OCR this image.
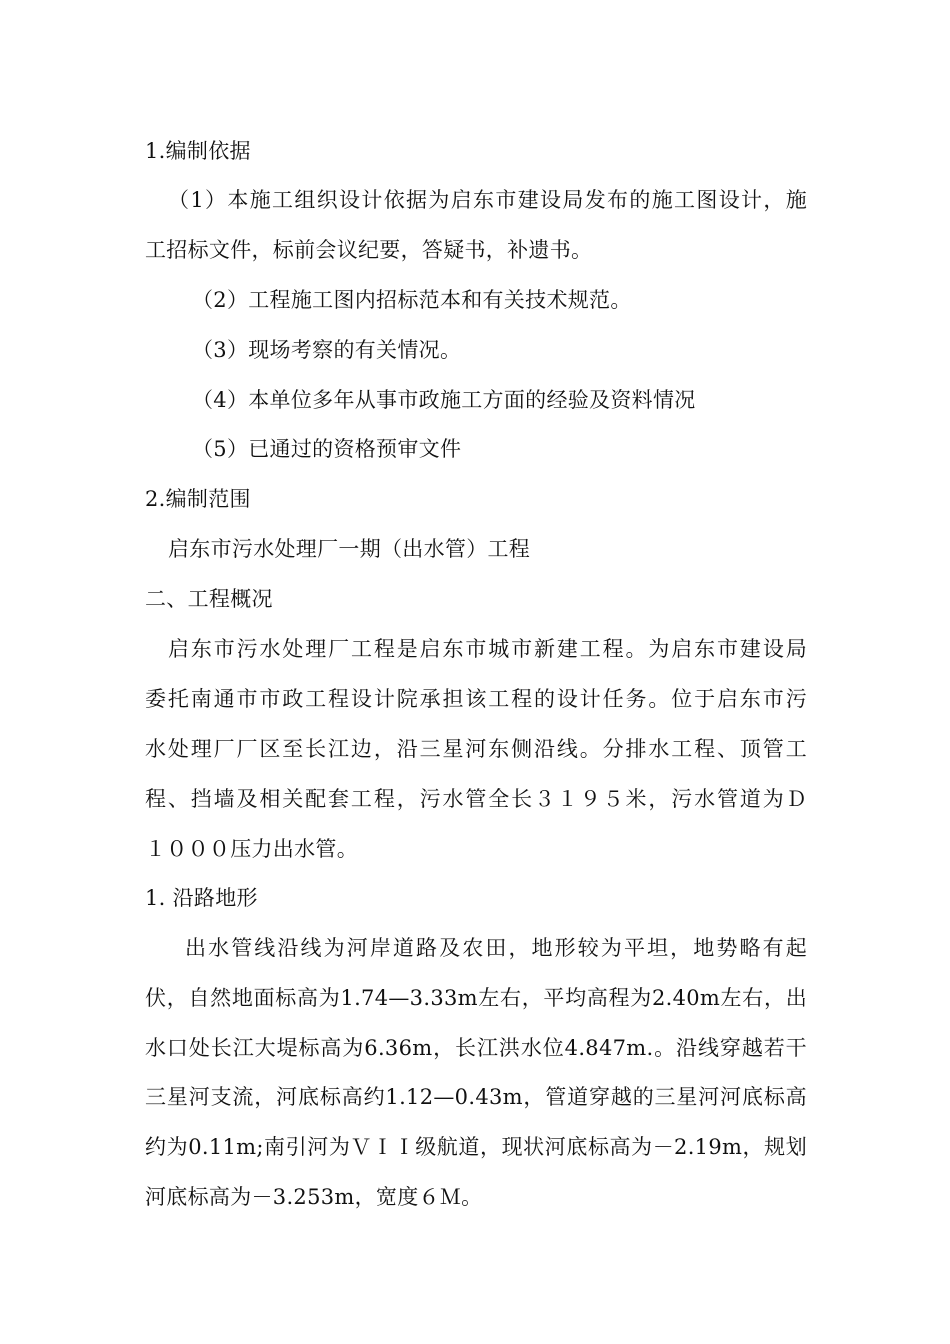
1.编制依据
（1）本施工组织设计依据为启东市建设局发布的施工图设计，施
工招标文件，标前会议纪要，答疑书，补遗书。
（2）工程施工图内招标范本和有关技术规范。
（3）现场考察的有关情况。
（4）本单位多年从事市政施工方面的经验及资料情况
（5）已通过的资格预审文件
2.编制范围
启东市污水处理厂一期（出水管）工程
二、工程概况
启东市污水处理厂工程是启东市城市新建工程。为启东市建设局
委托南通市市政工程设计院承担该工程的设计任务。位于启东市污
水处理厂厂区至长江边，沿三星河东侧沿线。分排水工程、顶管工
程、挡墙及相关配套工程，污水管全长３１９５米，污水管道为Ｄ
１０００压力出水管。
1. 沿路地形
出水管线沿线为河岸道路及农田，地形较为平坦，地势略有起
伏，自然地面标高为1.74—3.33m左右，平均高程为2.40m左右，出
水口处长江大堤标高为6.36m，长江洪水位4.847m.。沿线穿越若干
三星河支流，河底标高约1.12—0.43m，管道穿越的三星河河底标高
约为0.11m;南引河为ＶＩＩ级航道，现状河底标高为－2.19m，规划
河底标高为－3.253m，宽度６Ｍ。
